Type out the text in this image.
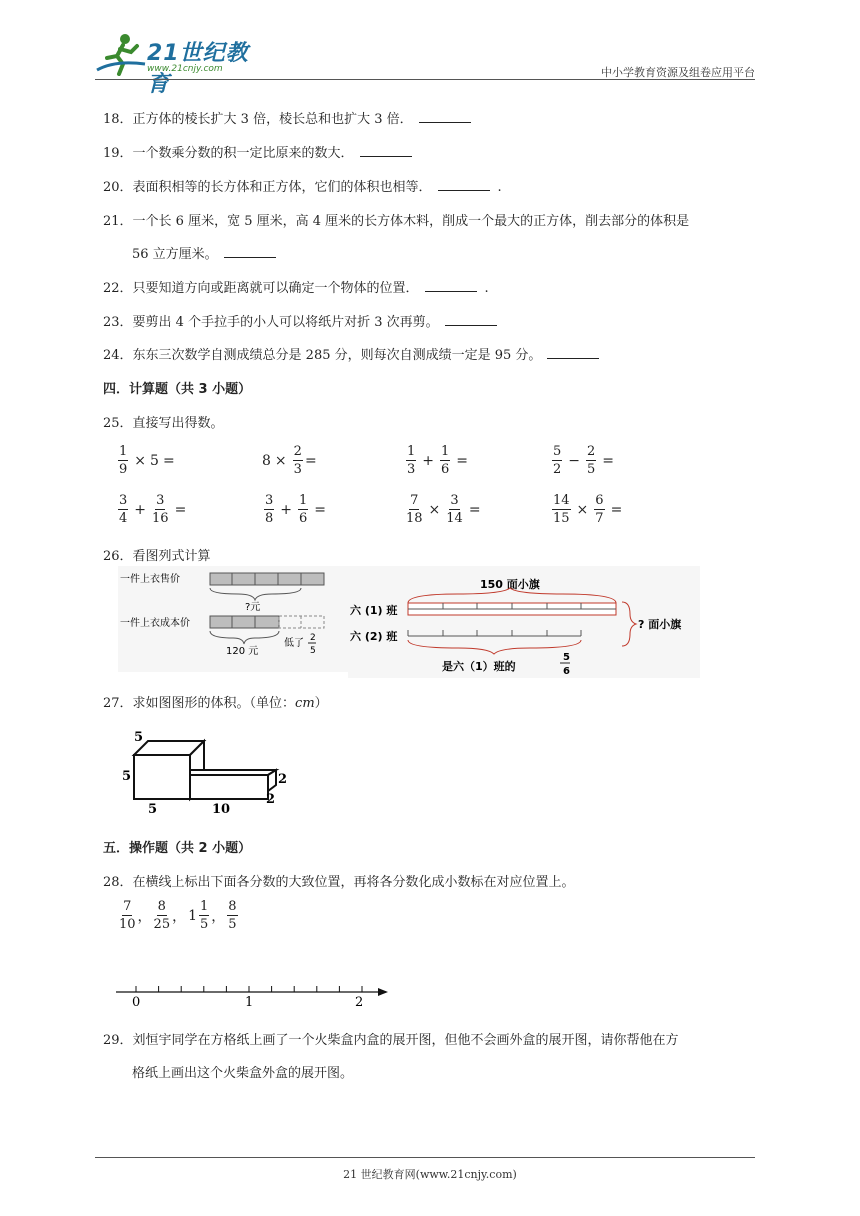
21世纪教育
www.21cnjy.com	中小学教育资源及组卷应用平台
18．正方体的棱长扩大 3 倍，棱长总和也扩大 3 倍．
19．一个数乘分数的积一定比原来的数大．
20．表面积相等的长方体和正方体，它们的体积也相等．	.
21．一个长 6 厘米，宽 5 厘米，高 4 厘米的长方体木料，削成一个最大的正方体，削去部分的体积是
56 立方厘米。
22．只要知道方向或距离就可以确定一个物体的位置．	.
23．要剪出 4 个手拉手的小人可以将纸片对折 3 次再剪。
24．东东三次数学自测成绩总分是 285 分，则每次自测成绩一定是 95 分。
四．计算题（共 3 小题）
25．直接写出得数。
$\frac{1}{9} \times 5$ =	$8 \times \frac{2}{3}$ =	$\frac{1}{3} + \frac{1}{6}$ =	$\frac{5}{2} - \frac{2}{5}$ =
$\frac{3}{4} + \frac{3}{16}$ =	$\frac{3}{8} + \frac{1}{6}$ =	$\frac{7}{18} \times \frac{3}{14}$ =	$\frac{14}{15} \times \frac{6}{7}$ =
26．看图列式计算
一件上衣售价
?元
一件上衣成本价
120 元
低了 2
5
150 面小旗
六 (1) 班
六 (2) 班
? 面小旗
是六（1）班的
5
6
27．求如图图形的体积。（单位：cm）
5
5
5	10
2
2
五．操作题（共 2 小题）
28．在横线上标出下面各分数的大致位置，再将各分数化成小数标在对应位置上。
$\frac{7}{10}$ ， $\frac{8}{25}$ ， $1 \frac{1}{5}$ ， $\frac{8}{5}$
0	1	2
29．刘恒宇同学在方格纸上画了一个火柴盒内盒的展开图，但他不会画外盒的展开图，请你帮他在方
格纸上画出这个火柴盒外盒的展开图。
21 世纪教育网(www.21cnjy.com)
